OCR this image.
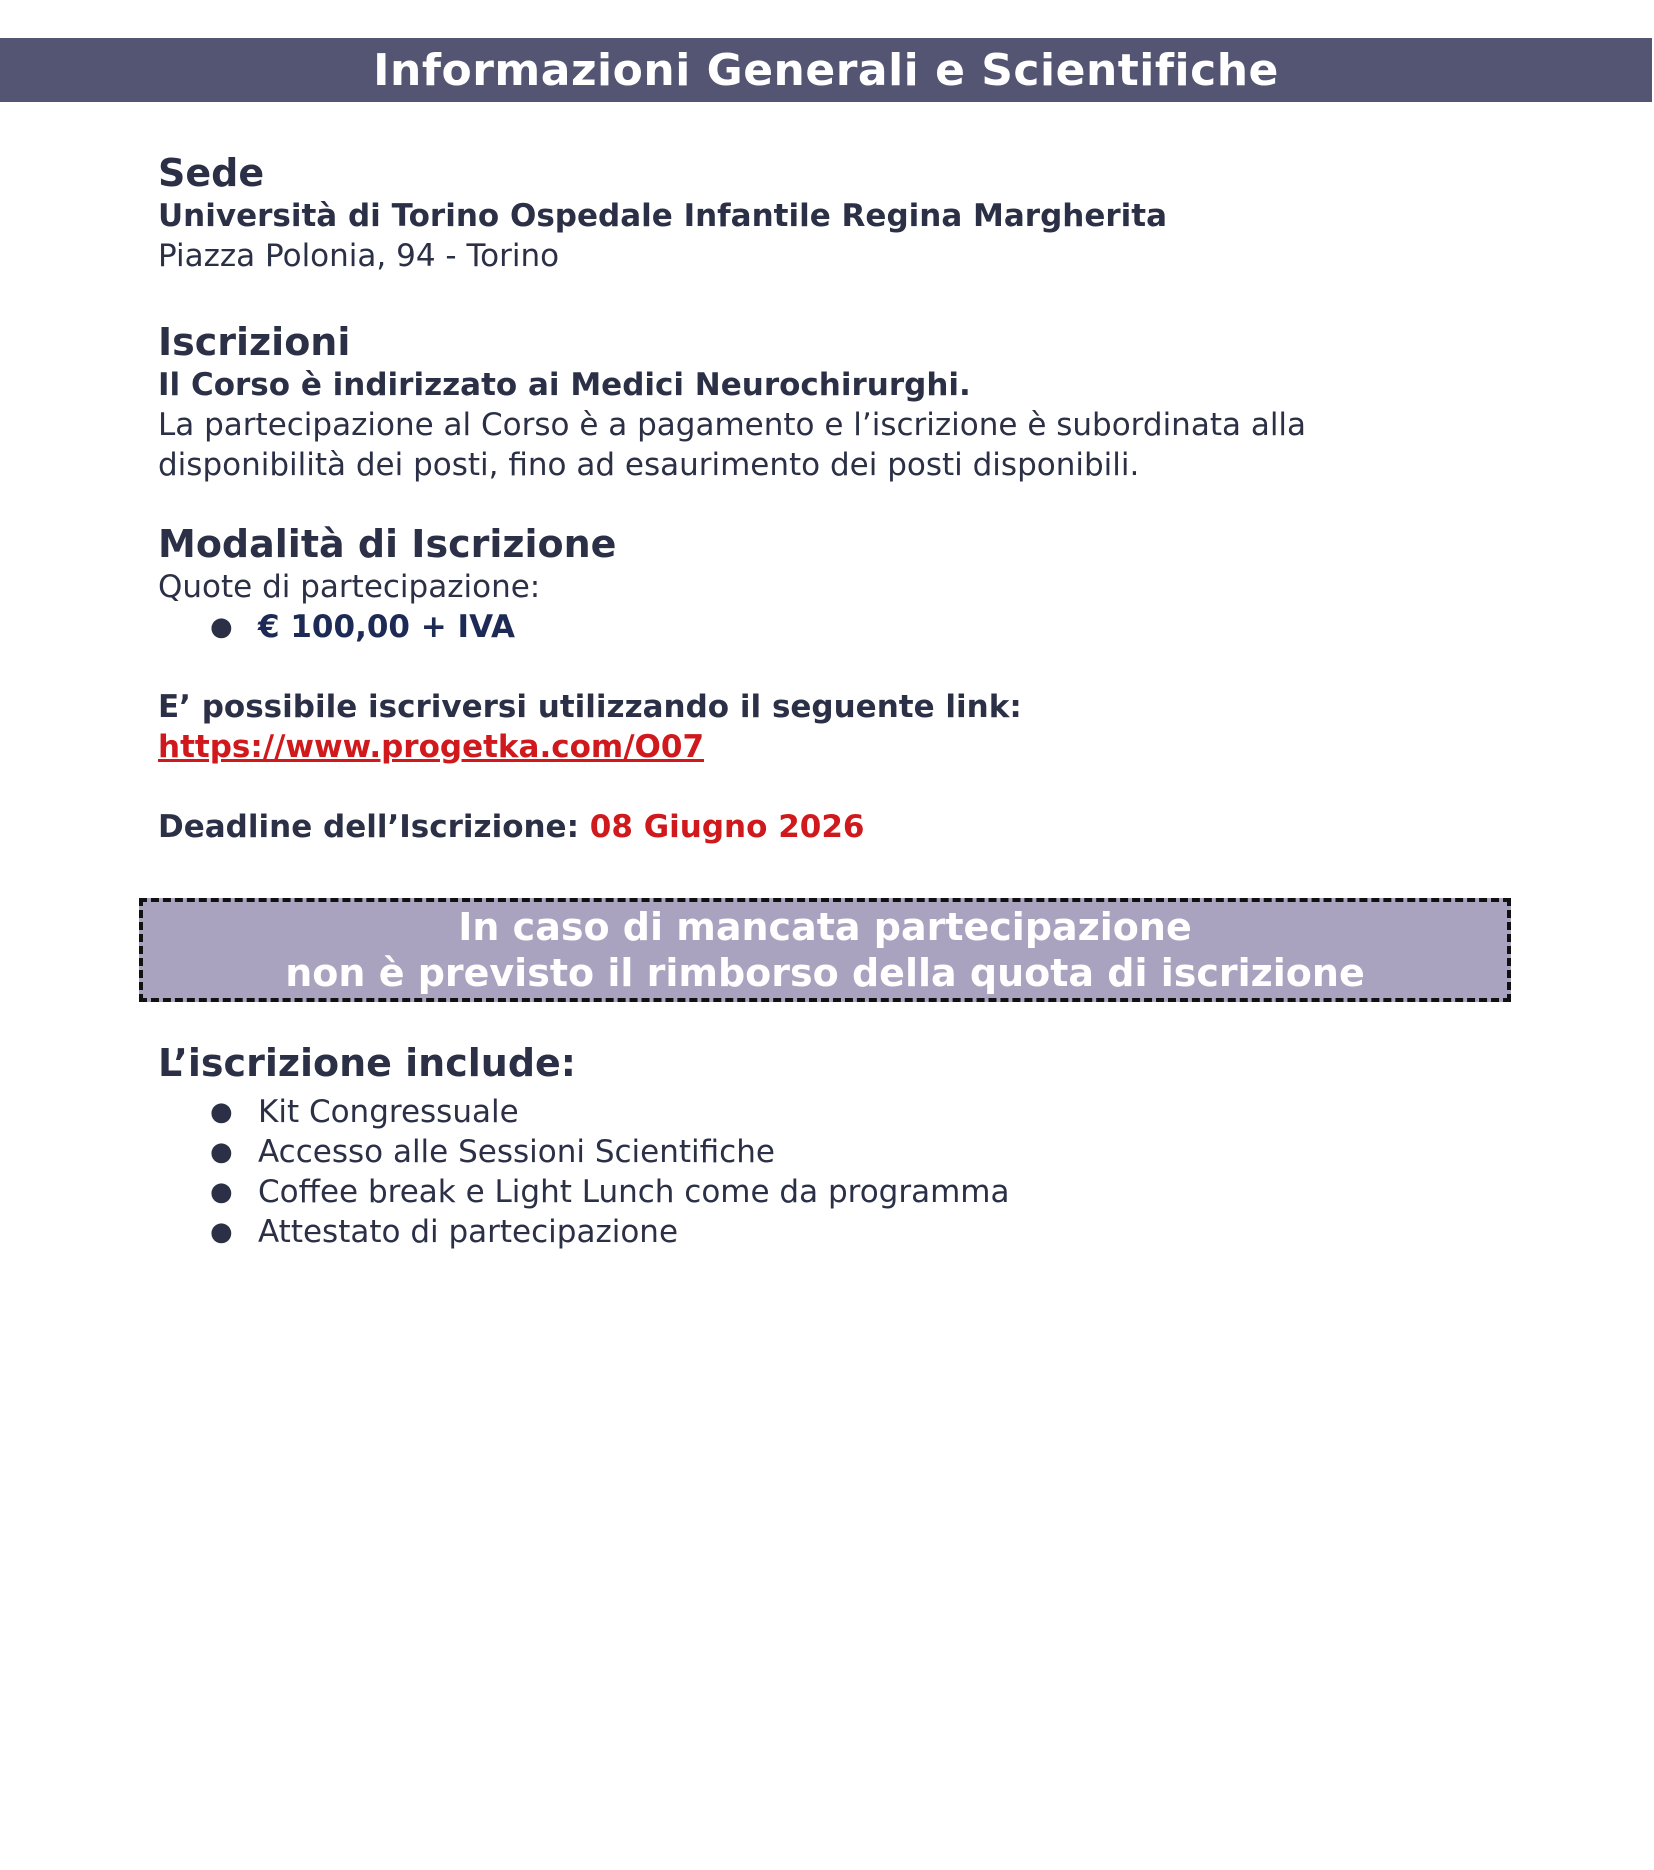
Informazioni Generali e Scientifiche

Sede

Università di Torino Ospedale Infantile Regina Margherita

Piazza Polonia, 94 - Torino

Iscrizioni

Il Corso è indirizzato ai Medici Neurochirurghi.

La partecipazione al Corso è a pagamento e l’iscrizione è subordinata alla

disponibilità dei posti, fino ad esaurimento dei posti disponibili.

Modalità di Iscrizione

Quote di partecipazione:

● € 100,00 + IVA

E’ possibile iscriversi utilizzando il seguente link:

https://www.progetka.com/O07

Deadline dell’Iscrizione: 08 Giugno 2026

In caso di mancata partecipazione
non è previsto il rimborso della quota di iscrizione

L’iscrizione include:

● Kit Congressuale
● Accesso alle Sessioni Scientifiche
● Coffee break e Light Lunch come da programma
● Attestato di partecipazione
